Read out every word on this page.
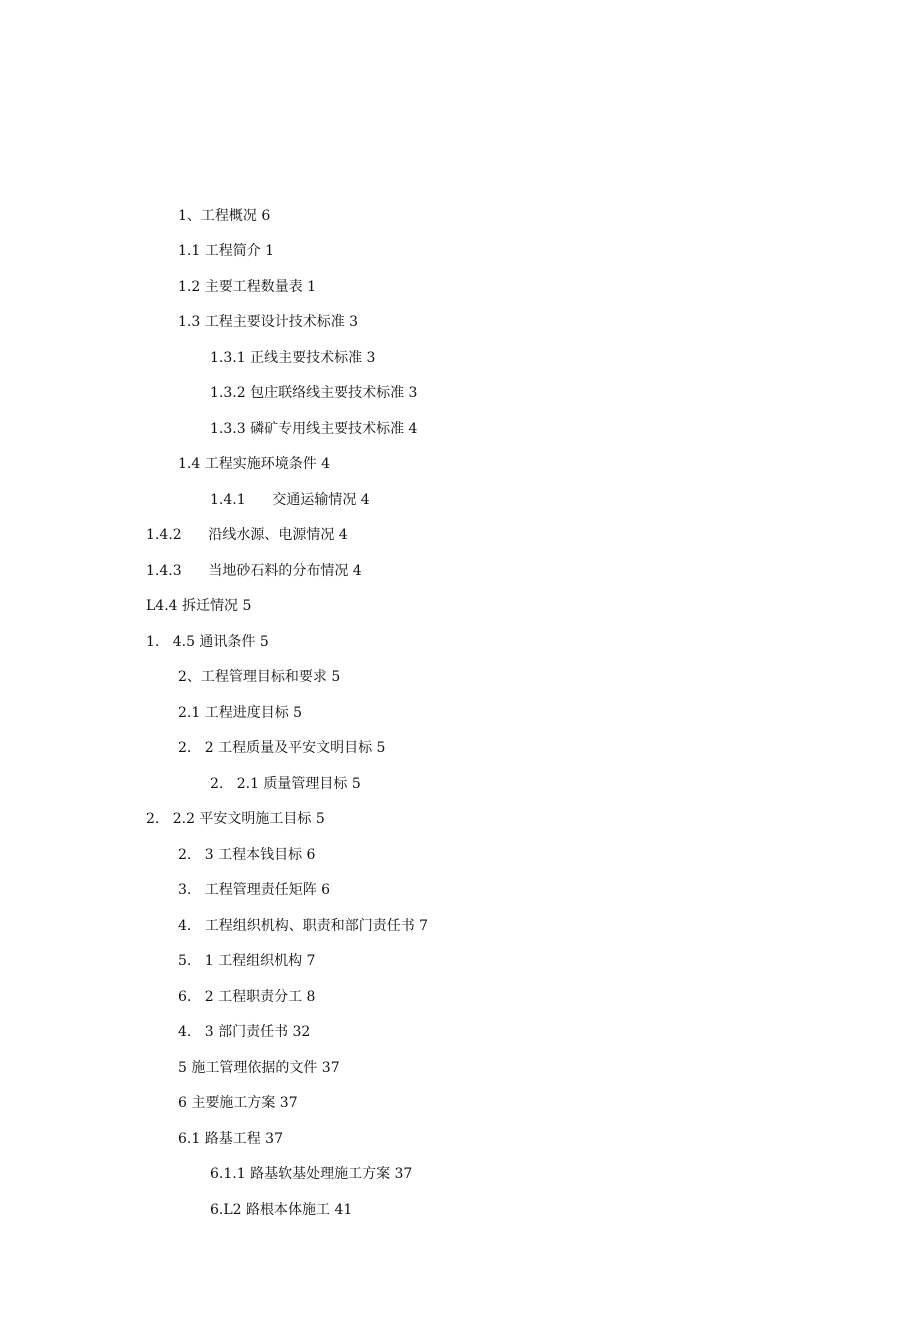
1、工程概况 6
1.1 工程简介 1
1.2 主要工程数量表 1
1.3 工程主要设计技术标准 3
1.3.1 正线主要技术标准 3
1.3.2 包庄联络线主要技术标准 3
1.3.3 磷矿专用线主要技术标准 4
1.4 工程实施环境条件 4
1.4.1      交通运输情况 4
1.4.2      沿线水源、电源情况 4
1.4.3      当地砂石料的分布情况 4
L4.4 拆迁情况 5
1.   4.5 通讯条件 5
2、工程管理目标和要求 5
2.1 工程进度目标 5
2.   2 工程质量及平安文明目标 5
2.   2.1 质量管理目标 5
2.   2.2 平安文明施工目标 5
2.   3 工程本钱目标 6
3.   工程管理责任矩阵 6
4.   工程组织机构、职责和部门责任书 7
5.   1 工程组织机构 7
6.   2 工程职责分工 8
4.   3 部门责任书 32
5 施工管理依据的文件 37
6 主要施工方案 37
6.1 路基工程 37
6.1.1 路基软基处理施工方案 37
6.L2 路根本体施工 41
